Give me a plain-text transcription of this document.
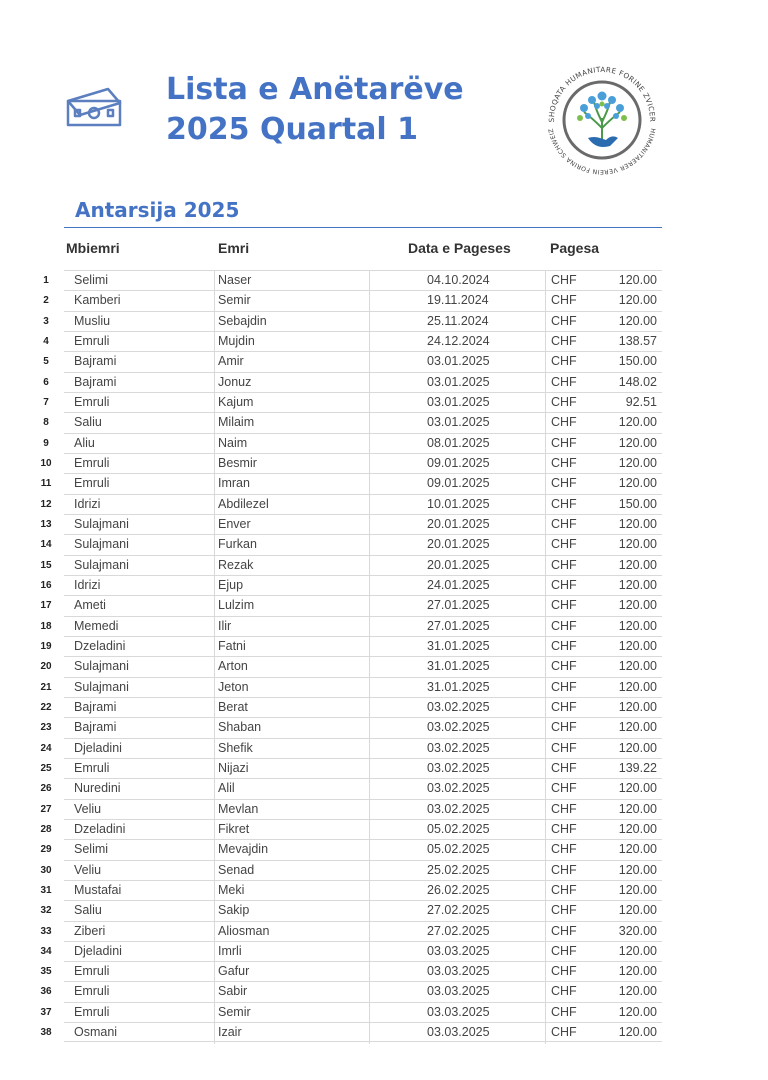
Lista e Anëtarëve
2025 Quartal 1	SHOQATA HUMANITARE FORINE ZVICER
HUMANITAERER VEREIN FORINA SCHWEIZ
Antarsija 2025
Mbiemri	Emri	Data e Pageses	Pagesa
1	Selimi	Naser	04.10.2024	CHF	120.00
2	Kamberi	Semir	19.11.2024	CHF	120.00
3	Musliu	Sebajdin	25.11.2024	CHF	120.00
4	Emruli	Mujdin	24.12.2024	CHF	138.57
5	Bajrami	Amir	03.01.2025	CHF	150.00
6	Bajrami	Jonuz	03.01.2025	CHF	148.02
7	Emruli	Kajum	03.01.2025	CHF	92.51
8	Saliu	Milaim	03.01.2025	CHF	120.00
9	Aliu	Naim	08.01.2025	CHF	120.00
10	Emruli	Besmir	09.01.2025	CHF	120.00
11	Emruli	Imran	09.01.2025	CHF	120.00
12	Idrizi	Abdilezel	10.01.2025	CHF	150.00
13	Sulajmani	Enver	20.01.2025	CHF	120.00
14	Sulajmani	Furkan	20.01.2025	CHF	120.00
15	Sulajmani	Rezak	20.01.2025	CHF	120.00
16	Idrizi	Ejup	24.01.2025	CHF	120.00
17	Ameti	Lulzim	27.01.2025	CHF	120.00
18	Memedi	Ilir	27.01.2025	CHF	120.00
19	Dzeladini	Fatni	31.01.2025	CHF	120.00
20	Sulajmani	Arton	31.01.2025	CHF	120.00
21	Sulajmani	Jeton	31.01.2025	CHF	120.00
22	Bajrami	Berat	03.02.2025	CHF	120.00
23	Bajrami	Shaban	03.02.2025	CHF	120.00
24	Djeladini	Shefik	03.02.2025	CHF	120.00
25	Emruli	Nijazi	03.02.2025	CHF	139.22
26	Nuredini	Alil	03.02.2025	CHF	120.00
27	Veliu	Mevlan	03.02.2025	CHF	120.00
28	Dzeladini	Fikret	05.02.2025	CHF	120.00
29	Selimi	Mevajdin	05.02.2025	CHF	120.00
30	Veliu	Senad	25.02.2025	CHF	120.00
31	Mustafai	Meki	26.02.2025	CHF	120.00
32	Saliu	Sakip	27.02.2025	CHF	120.00
33	Ziberi	Aliosman	27.02.2025	CHF	320.00
34	Djeladini	Imrli	03.03.2025	CHF	120.00
35	Emruli	Gafur	03.03.2025	CHF	120.00
36	Emruli	Sabir	03.03.2025	CHF	120.00
37	Emruli	Semir	03.03.2025	CHF	120.00
38	Osmani	Izair	03.03.2025	CHF	120.00
